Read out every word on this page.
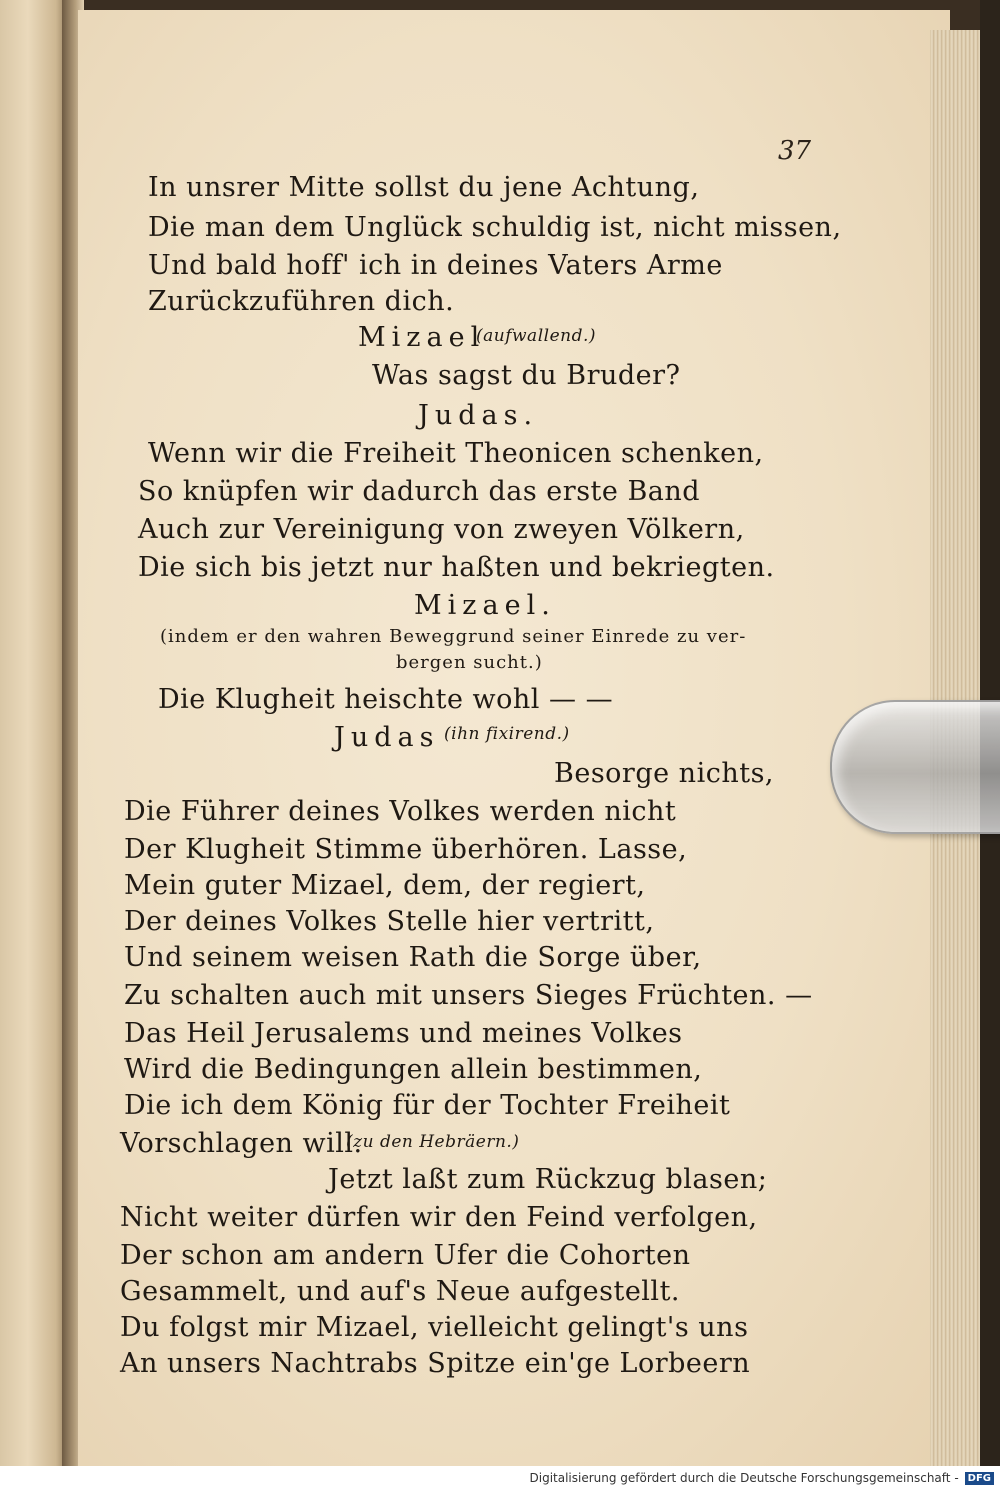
37
In unsrer Mitte sollst du jene Achtung,
Die man dem Unglück schuldig ist, nicht missen,
Und bald hoff' ich in deines Vaters Arme
Zurückzuführen dich.
Mizael
(aufwallend.)
Was sagst du Bruder?
Judas.
Wenn wir die Freiheit Theonicen schenken,
So knüpfen wir dadurch das erste Band
Auch zur Vereinigung von zweyen Völkern,
Die sich bis jetzt nur haßten und bekriegten.
Mizael.
(indem er den wahren Beweggrund seiner Einrede zu ver-
bergen sucht.)
Die Klugheit heischte wohl — —
Judas (ihn fixirend.)
Besorge nichts,
Die Führer deines Volkes werden nicht
Der Klugheit Stimme überhören. Lasse,
Mein guter Mizael, dem, der regiert,
Der deines Volkes Stelle hier vertritt,
Und seinem weisen Rath die Sorge über,
Zu schalten auch mit unsers Sieges Früchten. —
Das Heil Jerusalems und meines Volkes
Wird die Bedingungen allein bestimmen,
Die ich dem König für der Tochter Freiheit
Vorschlagen will.
(zu den Hebräern.)
Jetzt laßt zum Rückzug blasen;
Nicht weiter dürfen wir den Feind verfolgen,
Der schon am andern Ufer die Cohorten
Gesammelt, und auf's Neue aufgestellt.
Du folgst mir Mizael, vielleicht gelingt's uns
An unsers Nachtrabs Spitze ein'ge Lorbeern
Digitalisierung gefördert durch die Deutsche Forschungsgemeinschaft - DFG
